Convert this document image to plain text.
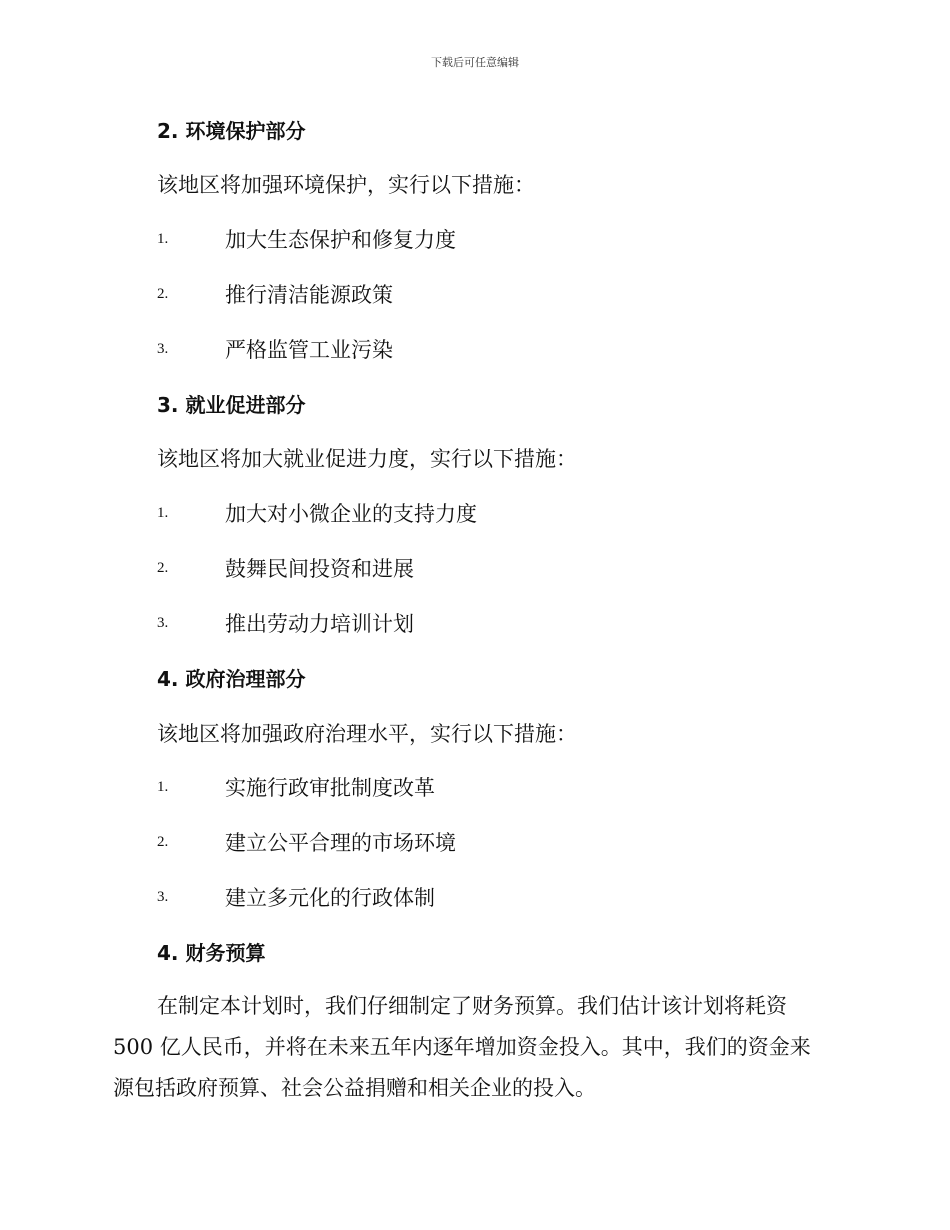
下载后可任意编辑
2. 环境保护部分
该地区将加强环境保护，实行以下措施：
1.	加大生态保护和修复力度
2.	推行清洁能源政策
3.	严格监管工业污染
3. 就业促进部分
该地区将加大就业促进力度，实行以下措施：
1.	加大对小微企业的支持力度
2.	鼓舞民间投资和进展
3.	推出劳动力培训计划
4. 政府治理部分
该地区将加强政府治理水平，实行以下措施：
1.	实施行政审批制度改革
2.	建立公平合理的市场环境
3.	建立多元化的行政体制
4. 财务预算
在制定本计划时，我们仔细制定了财务预算。我们估计该计划将耗资
500 亿人民币，并将在未来五年内逐年增加资金投入。其中，我们的资金来
源包括政府预算、社会公益捐赠和相关企业的投入。
